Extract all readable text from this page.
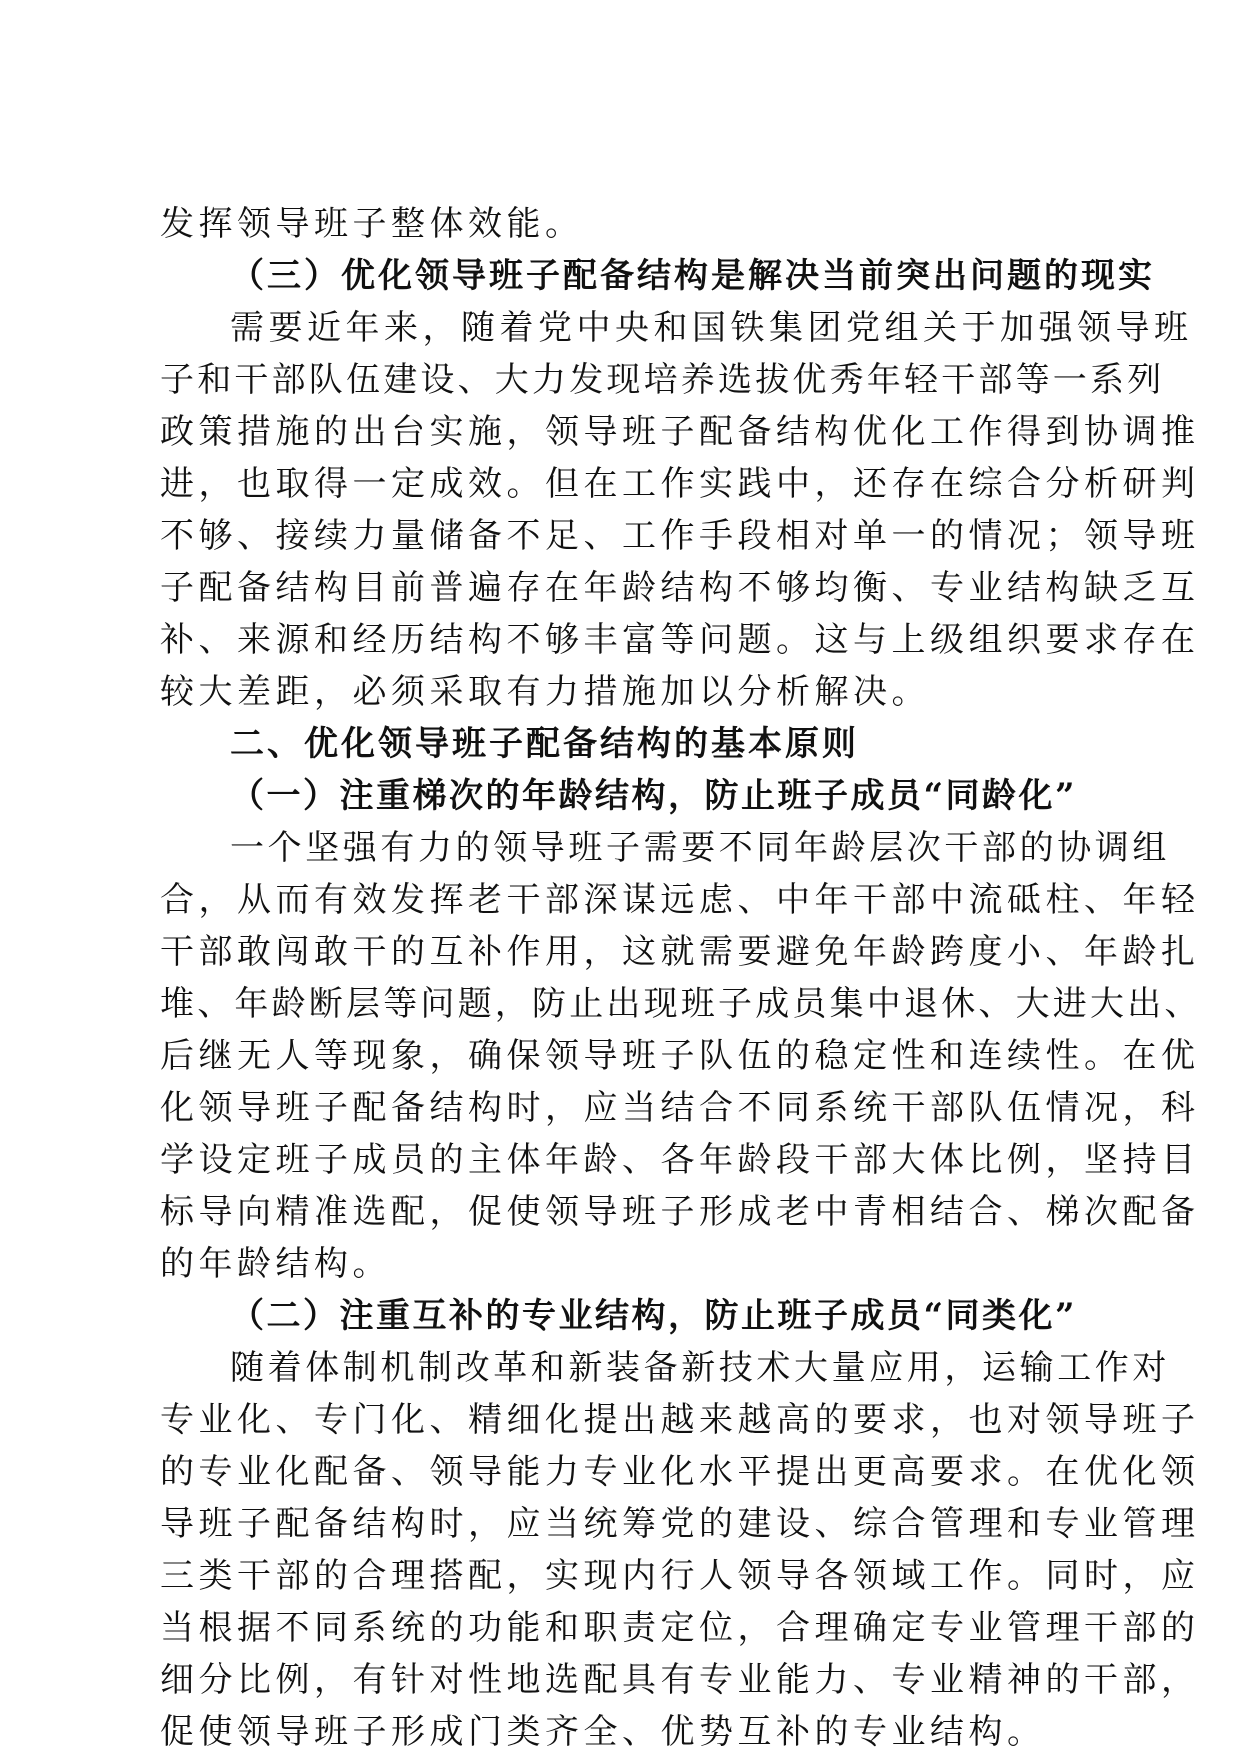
发挥领导班子整体效能。
（三）优化领导班子配备结构是解决当前突出问题的现实
需要近年来，随着党中央和国铁集团党组关于加强领导班
子和干部队伍建设、大力发现培养选拔优秀年轻干部等一系列
政策措施的出台实施，领导班子配备结构优化工作得到协调推
进，也取得一定成效。但在工作实践中，还存在综合分析研判
不够、接续力量储备不足、工作手段相对单一的情况；领导班
子配备结构目前普遍存在年龄结构不够均衡、专业结构缺乏互
补、来源和经历结构不够丰富等问题。这与上级组织要求存在
较大差距，必须采取有力措施加以分析解决。
二、优化领导班子配备结构的基本原则
（一）注重梯次的年龄结构，防止班子成员“同龄化”
一个坚强有力的领导班子需要不同年龄层次干部的协调组
合，从而有效发挥老干部深谋远虑、中年干部中流砥柱、年轻
干部敢闯敢干的互补作用，这就需要避免年龄跨度小、年龄扎
堆、年龄断层等问题，防止出现班子成员集中退休、大进大出、
后继无人等现象，确保领导班子队伍的稳定性和连续性。在优
化领导班子配备结构时，应当结合不同系统干部队伍情况，科
学设定班子成员的主体年龄、各年龄段干部大体比例，坚持目
标导向精准选配，促使领导班子形成老中青相结合、梯次配备
的年龄结构。
（二）注重互补的专业结构，防止班子成员“同类化”
随着体制机制改革和新装备新技术大量应用，运输工作对
专业化、专门化、精细化提出越来越高的要求，也对领导班子
的专业化配备、领导能力专业化水平提出更高要求。在优化领
导班子配备结构时，应当统筹党的建设、综合管理和专业管理
三类干部的合理搭配，实现内行人领导各领域工作。同时，应
当根据不同系统的功能和职责定位，合理确定专业管理干部的
细分比例，有针对性地选配具有专业能力、专业精神的干部，
促使领导班子形成门类齐全、优势互补的专业结构。
